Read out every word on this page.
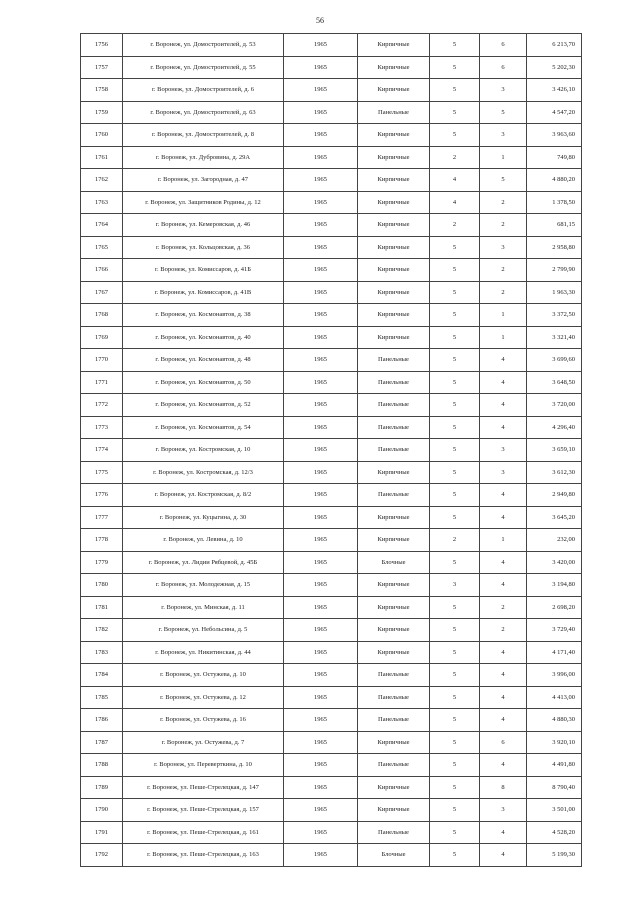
56
1756	г. Воронеж, ул. Домостроителей, д. 53	1965	Кирпичные	5	6	6 213,70
1757	г. Воронеж, ул. Домостроителей, д. 55	1965	Кирпичные	5	6	5 202,30
1758	г. Воронеж, ул. Домостроителей, д. 6	1965	Кирпичные	5	3	3 426,10
1759	г. Воронеж, ул. Домостроителей, д. 63	1965	Панельные	5	5	4 547,20
1760	г. Воронеж, ул. Домостроителей, д. 8	1965	Кирпичные	5	3	3 963,60
1761	г. Воронеж, ул. Дубровина, д. 29А	1965	Кирпичные	2	1	749,80
1762	г. Воронеж, ул. Загородная, д. 47	1965	Кирпичные	4	5	4 880,20
1763	г. Воронеж, ул. Защитников Родины, д. 12	1965	Кирпичные	4	2	1 378,50
1764	г. Воронеж, ул. Кемеровская, д. 46	1965	Кирпичные	2	2	681,15
1765	г. Воронеж, ул. Кольцовская, д. 36	1965	Кирпичные	5	3	2 958,80
1766	г. Воронеж, ул. Комиссаров, д. 41Б	1965	Кирпичные	5	2	2 799,90
1767	г. Воронеж, ул. Комиссаров, д. 41В	1965	Кирпичные	5	2	1 963,30
1768	г. Воронеж, ул. Космонавтов, д. 38	1965	Кирпичные	5	1	3 372,50
1769	г. Воронеж, ул. Космонавтов, д. 40	1965	Кирпичные	5	1	3 321,40
1770	г. Воронеж, ул. Космонавтов, д. 48	1965	Панельные	5	4	3 699,60
1771	г. Воронеж, ул. Космонавтов, д. 50	1965	Панельные	5	4	3 648,50
1772	г. Воронеж, ул. Космонавтов, д. 52	1965	Панельные	5	4	3 720,00
1773	г. Воронеж, ул. Космонавтов, д. 54	1965	Панельные	5	4	4 296,40
1774	г. Воронеж, ул. Костромская, д. 10	1965	Панельные	5	3	3 659,10
1775	г. Воронеж, ул. Костромская, д. 12/3	1965	Кирпичные	5	3	3 612,30
1776	г. Воронеж, ул. Костромская, д. 8/2	1965	Панельные	5	4	2 949,80
1777	г. Воронеж, ул. Куцыгина, д. 30	1965	Кирпичные	5	4	3 645,20
1778	г. Воронеж, ул. Левина, д. 10	1965	Кирпичные	2	1	232,00
1779	г. Воронеж, ул. Лидии Рябцевой, д. 45Б	1965	Блочные	5	4	3 420,00
1780	г. Воронеж, ул. Молодежная, д. 15	1965	Кирпичные	3	4	3 194,80
1781	г. Воронеж, ул. Минская, д. 11	1965	Кирпичные	5	2	2 698,20
1782	г. Воронеж, ул. Небольсина, д. 5	1965	Кирпичные	5	2	3 729,40
1783	г. Воронеж, ул. Никитинская, д. 44	1965	Кирпичные	5	4	4 171,40
1784	г. Воронеж, ул. Остужева, д. 10	1965	Панельные	5	4	3 996,00
1785	г. Воронеж, ул. Остужева, д. 12	1965	Панельные	5	4	4 413,00
1786	г. Воронеж, ул. Остужева, д. 16	1965	Панельные	5	4	4 880,30
1787	г. Воронеж, ул. Остужева, д. 7	1965	Кирпичные	5	6	3 920,10
1788	г. Воронеж, ул. Переверткина, д. 10	1965	Панельные	5	4	4 491,80
1789	г. Воронеж, ул. Пеше-Стрелецкая, д. 147	1965	Кирпичные	5	8	8 790,40
1790	г. Воронеж, ул. Пеше-Стрелецкая, д. 157	1965	Кирпичные	5	3	3 501,00
1791	г. Воронеж, ул. Пеше-Стрелецкая, д. 161	1965	Панельные	5	4	4 528,20
1792	г. Воронеж, ул. Пеше-Стрелецкая, д. 163	1965	Блочные	5	4	5 199,30
